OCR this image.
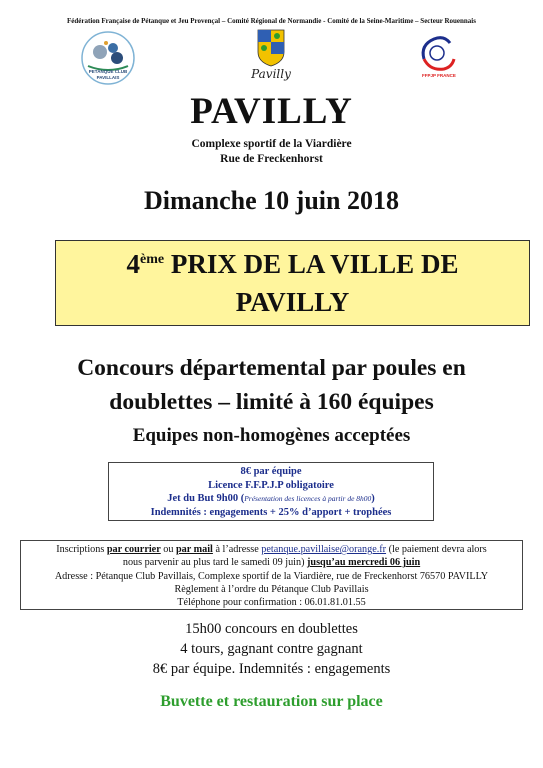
Fédération Française de Pétanque et Jeu Provençal – Comité Régional de Normandie - Comité de la Seine-Maritime – Secteur Rouennais
PETANQUE CLUB
PAVILLAIS	Pavilly	FFPJP FRANCE
PAVILLY
Complexe sportif de la Viardière
Rue de Freckenhorst
Dimanche 10 juin 2018
4ème PRIX DE LA VILLE DE
PAVILLY
Concours départemental par poules en
doublettes – limité à 160 équipes
Equipes non-homogènes acceptées
8€ par équipe
Licence F.F.P.J.P obligatoire
Jet du But 9h00 (Présentation des licences à partir de 8h00)
Indemnités : engagements + 25% d’apport + trophées
Inscriptions par courrier ou par mail à l’adresse petanque.pavillaise@orange.fr (le paiement devra alors
nous parvenir au plus tard le samedi 09 juin) jusqu’au mercredi 06 juin
Adresse : Pétanque Club Pavillais, Complexe sportif de la Viardière, rue de Freckenhorst 76570 PAVILLY
Règlement à l’ordre du Pétanque Club Pavillais
Téléphone pour confirmation : 06.01.81.01.55
15h00 concours en doublettes
4 tours, gagnant contre gagnant
8€ par équipe. Indemnités : engagements
Buvette et restauration sur place
